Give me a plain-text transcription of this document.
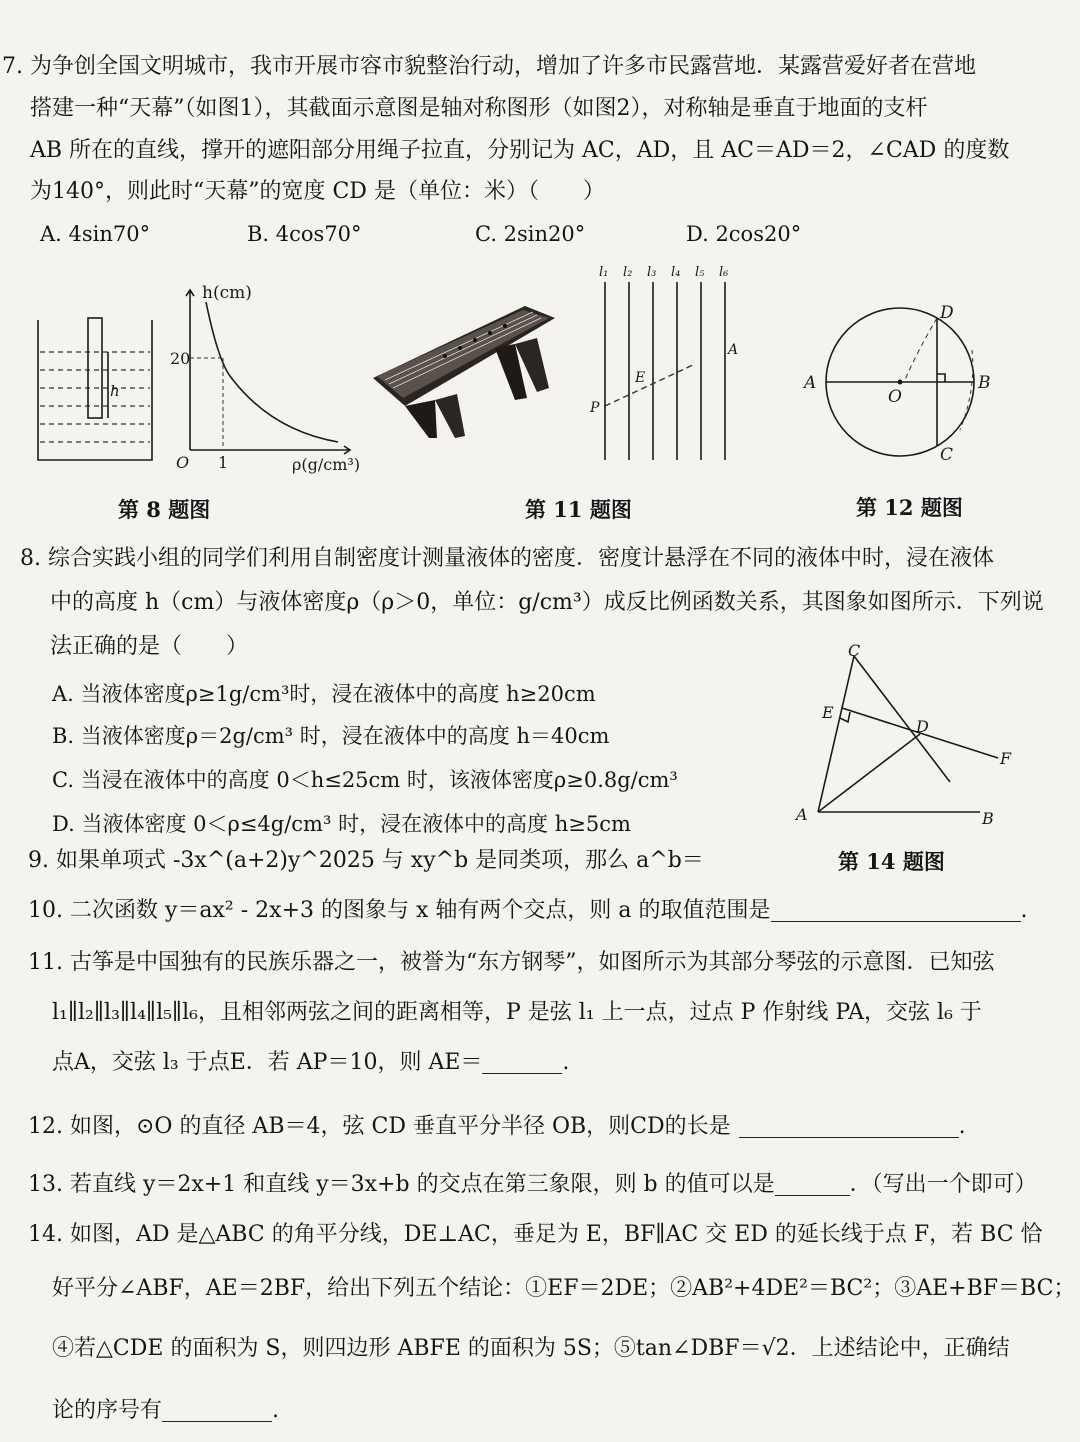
7. 为争创全国文明城市，我市开展市容市貌整治行动，增加了许多市民露营地．某露营爱好者在营地
搭建一种“天幕”（如图1），其截面示意图是轴对称图形（如图2），对称轴是垂直于地面的支杆
AB 所在的直线，撑开的遮阳部分用绳子拉直，分别记为 AC，AD，且 AC＝AD＝2，∠CAD 的度数
为140°，则此时“天幕”的宽度 CD 是（单位：米）（　　）
A. 4sin70°	B. 4cos70°	C. 2sin20°	D. 2cos20°
h
h(cm)
20
1
O	ρ(g/cm³)
l₁ l₂ l₃ l₄ l₅ l₆
P
E
A
A	B
O
D
C
第 8 题图	第 11 题图	第 12 题图
8. 综合实践小组的同学们利用自制密度计测量液体的密度．密度计悬浮在不同的液体中时，浸在液体
中的高度 h（cm）与液体密度ρ（ρ＞0，单位：g/cm³）成反比例函数关系，其图象如图所示．下列说
法正确的是（　　）
A. 当液体密度ρ≥1g/cm³时，浸在液体中的高度 h≥20cm
B. 当液体密度ρ＝2g/cm³ 时，浸在液体中的高度 h＝40cm
C. 当浸在液体中的高度 0＜h≤25cm 时，该液体密度ρ≥0.8g/cm³
D. 当液体密度 0＜ρ≤4g/cm³ 时，浸在液体中的高度 h≥5cm
C
E
D
F
A	B
第 14 题图
9. 如果单项式 -3x^(a+2)y^2025 与 xy^b 是同类项，那么 a^b＝
10. 二次函数 y＝ax² - 2x+3 的图象与 x 轴有两个交点，则 a 的取值范围是	.
11. 古筝是中国独有的民族乐器之一，被誉为“东方钢琴”，如图所示为其部分琴弦的示意图．已知弦
l₁∥l₂∥l₃∥l₄∥l₅∥l₆，且相邻两弦之间的距离相等，P 是弦 l₁ 上一点，过点 P 作射线 PA，交弦 l₆ 于
点A，交弦 l₃ 于点E．若 AP＝10，则 AE＝	.
12. 如图，⊙O 的直径 AB＝4，弦 CD 垂直平分半径 OB，则CD的长是	.
13. 若直线 y＝2x+1 和直线 y＝3x+b 的交点在第三象限，则 b 的值可以是	．（写出一个即可）
14. 如图，AD 是△ABC 的角平分线，DE⊥AC，垂足为 E，BF∥AC 交 ED 的延长线于点 F，若 BC 恰
好平分∠ABF，AE＝2BF，给出下列五个结论：①EF＝2DE；②AB²+4DE²＝BC²；③AE+BF＝BC；
④若△CDE 的面积为 S，则四边形 ABFE 的面积为 5S；⑤tan∠DBF＝√2．上述结论中，正确结
论的序号有	.
